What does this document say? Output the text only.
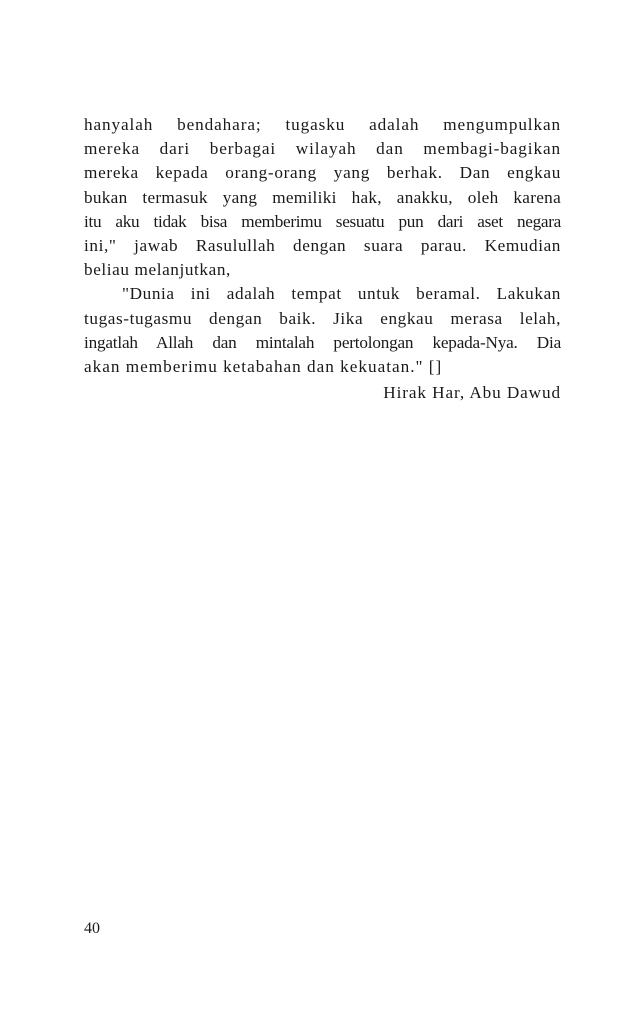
hanyalah bendahara; tugasku adalah mengumpulkan
mereka dari berbagai wilayah dan membagi-bagikan
mereka kepada orang-orang yang berhak. Dan engkau
bukan termasuk yang memiliki hak, anakku, oleh karena
itu aku tidak bisa memberimu sesuatu pun dari aset negara
ini," jawab Rasulullah dengan suara parau. Kemudian
beliau melanjutkan,
"Dunia ini adalah tempat untuk beramal. Lakukan
tugas-tugasmu dengan baik. Jika engkau merasa lelah,
ingatlah Allah dan mintalah pertolongan kepada-Nya. Dia
akan memberimu ketabahan dan kekuatan." []
Hirak Har, Abu Dawud
40
